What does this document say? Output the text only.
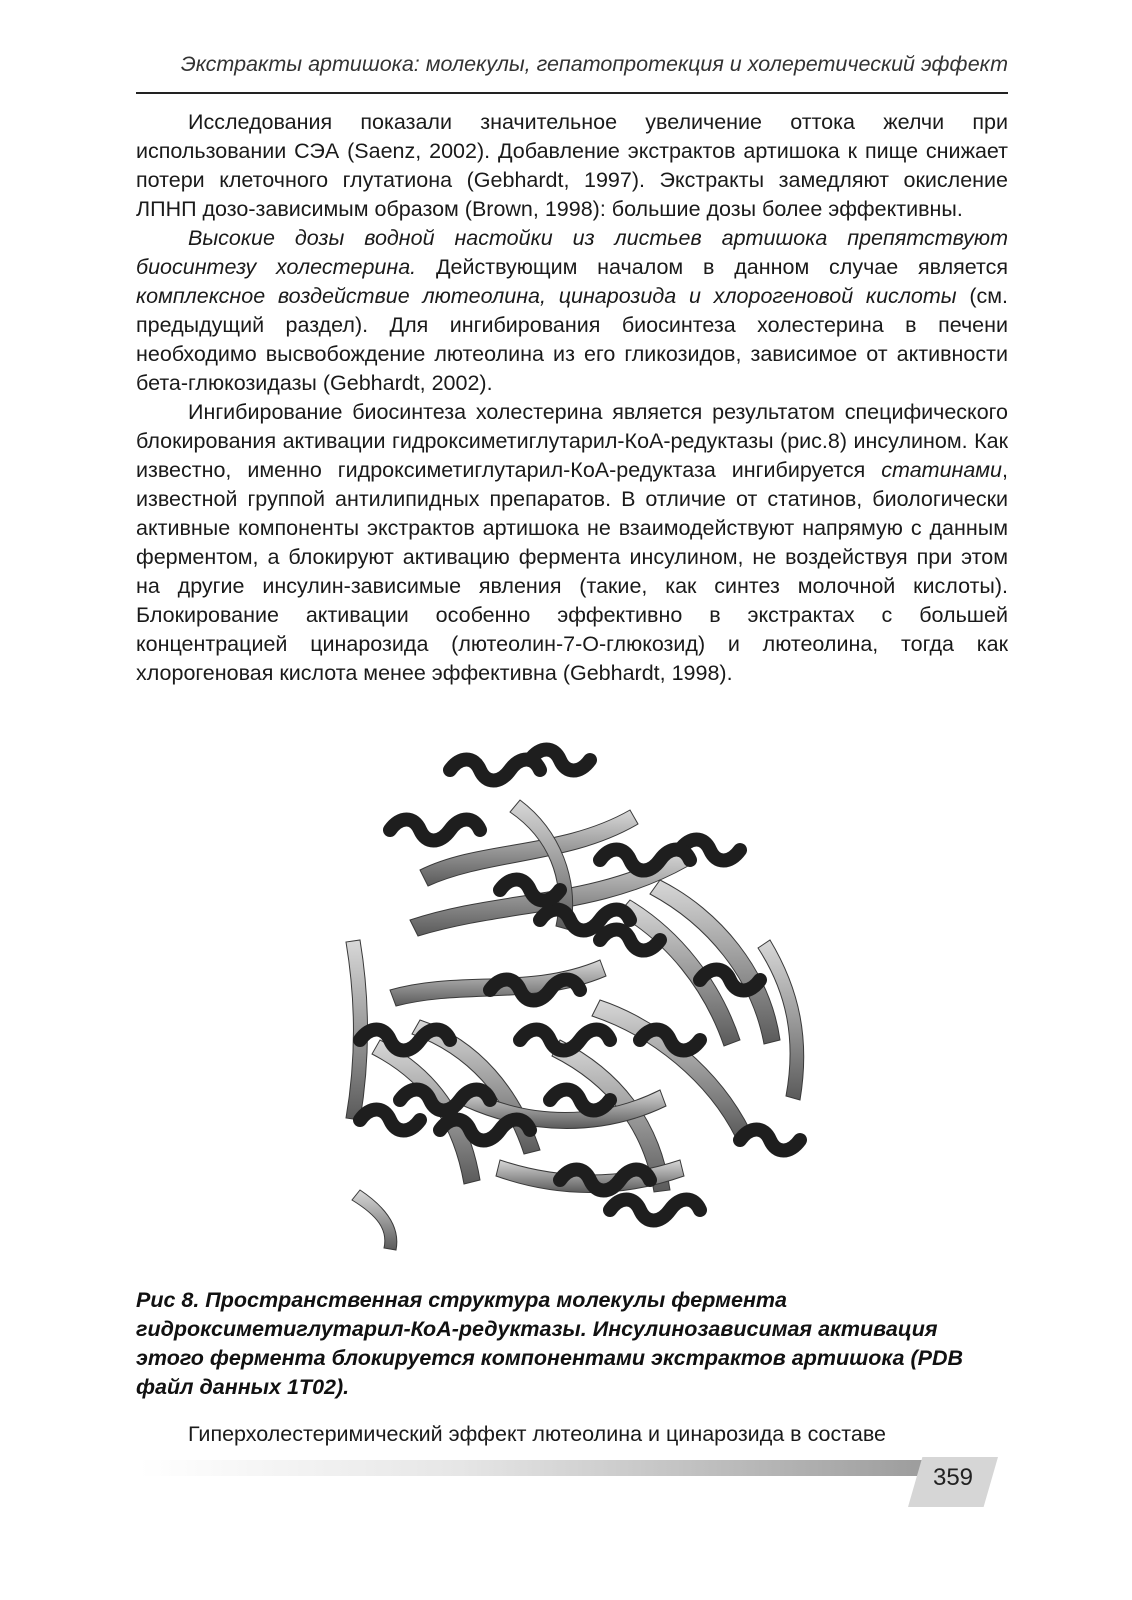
Экстракты артишока: молекулы, гепатопротекция и холеретический эффект

Исследования показали значительное увеличение оттока желчи при использовании СЭА (Saenz, 2002). Добавление экстрактов артишока к пище снижает потери клеточного глутатиона (Gebhardt, 1997). Экстракты замедляют окисление ЛПНП дозо-зависимым образом (Brown, 1998): большие дозы более эффективны.

Высокие дозы водной настойки из листьев артишока препятствуют биосинтезу холестерина. Действующим началом в данном случае является комплексное воздействие лютеолина, цинарозида и хлорогеновой кислоты (см. предыдущий раздел). Для ингибирования биосинтеза холестерина в печени необходимо высвобождение лютеолина из его гликозидов, зависимое от активности бета-глюкозидазы (Gebhardt, 2002).

Ингибирование биосинтеза холестерина является результатом специфического блокирования активации гидроксиметиглутарил-КоА-редуктазы (рис.8) инсулином. Как известно, именно гидроксиметиглутарил-КоА-редуктаза ингибируется статинами, известной группой антилипидных препаратов. В отличие от статинов, биологически активные компоненты экстрактов артишока не взаимодействуют напрямую с данным ферментом, а блокируют активацию фермента инсулином, не воздействуя при этом на другие инсулин-зависимые явления (такие, как синтез молочной кислоты). Блокирование активации особенно эффективно в экстрактах с большей концентрацией цинарозида (лютеолин-7-О-глюкозид) и лютеолина, тогда как хлорогеновая кислота менее эффективна (Gebhardt, 1998).

Рис 8. Пространственная структура молекулы фермента гидроксиметиглутарил-КоА-редуктазы. Инсулинозависимая активация этого фермента блокируется компонентами экстрактов артишока (PDB файл данных 1T02).
Гиперхолестеримический эффект лютеолина и цинарозида в составе
359
